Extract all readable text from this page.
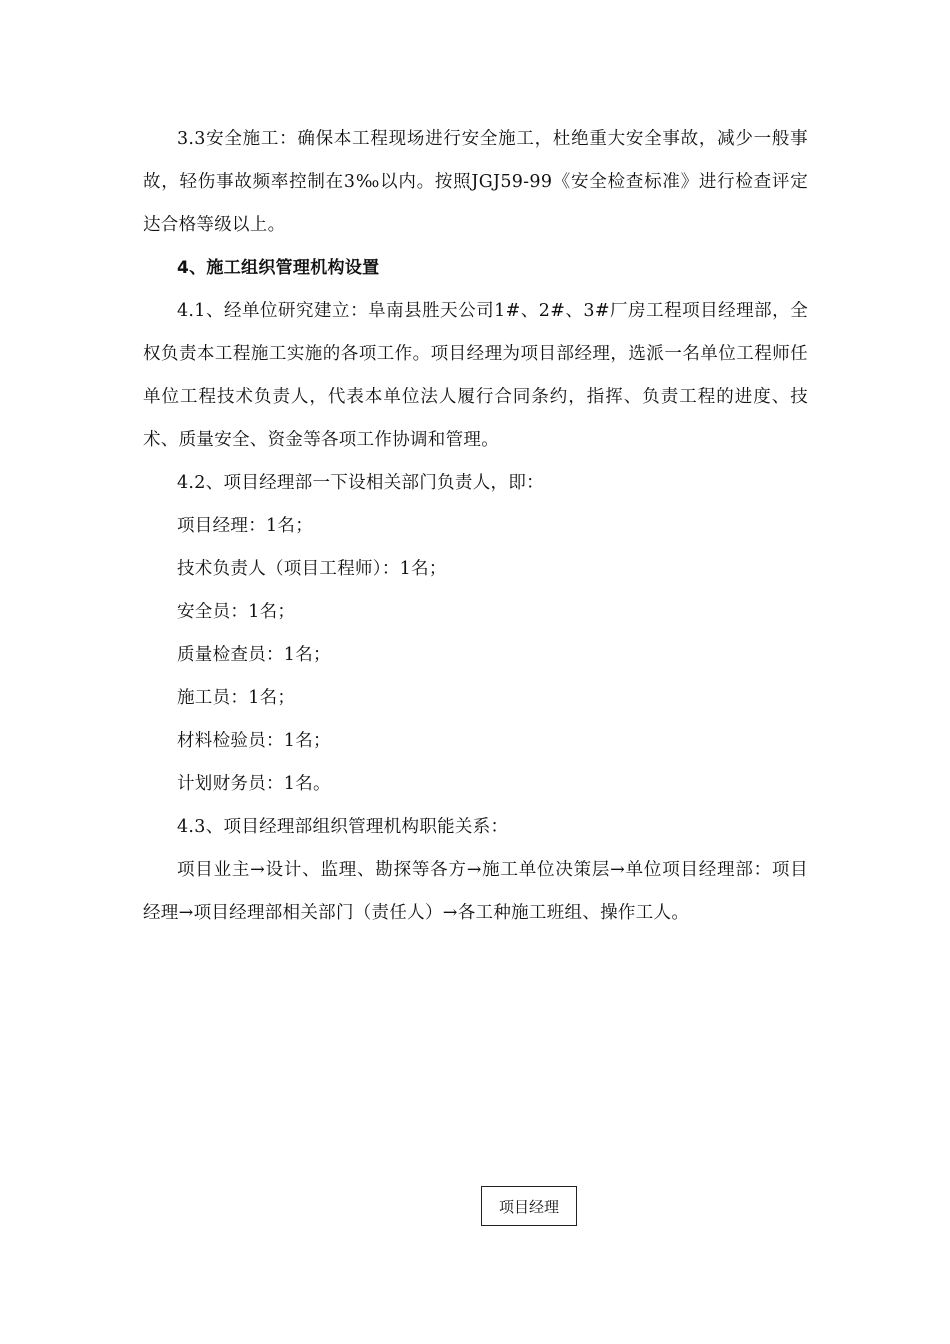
3.3安全施工：确保本工程现场进行安全施工，杜绝重大安全事故，减少一般事故，轻伤事故频率控制在3‰以内。按照JGJ59-99《安全检查标准》进行检查评定达合格等级以上。

4、施工组织管理机构设置

4.1、经单位研究建立：阜南县胜天公司1#、2#、3#厂房工程项目经理部，全权负责本工程施工实施的各项工作。项目经理为项目部经理，选派一名单位工程师任单位工程技术负责人，代表本单位法人履行合同条约，指挥、负责工程的进度、技术、质量安全、资金等各项工作协调和管理。

4.2、项目经理部一下设相关部门负责人，即：

项目经理：1名；

技术负责人（项目工程师）：1名；

安全员：1名；

质量检查员：1名；

施工员：1名；

材料检验员：1名；

计划财务员：1名。

4.3、项目经理部组织管理机构职能关系：

项目业主→设计、监理、勘探等各方→施工单位决策层→单位项目经理部：项目经理→项目经理部相关部门（责任人）→各工种施工班组、操作工人。

项目经理
